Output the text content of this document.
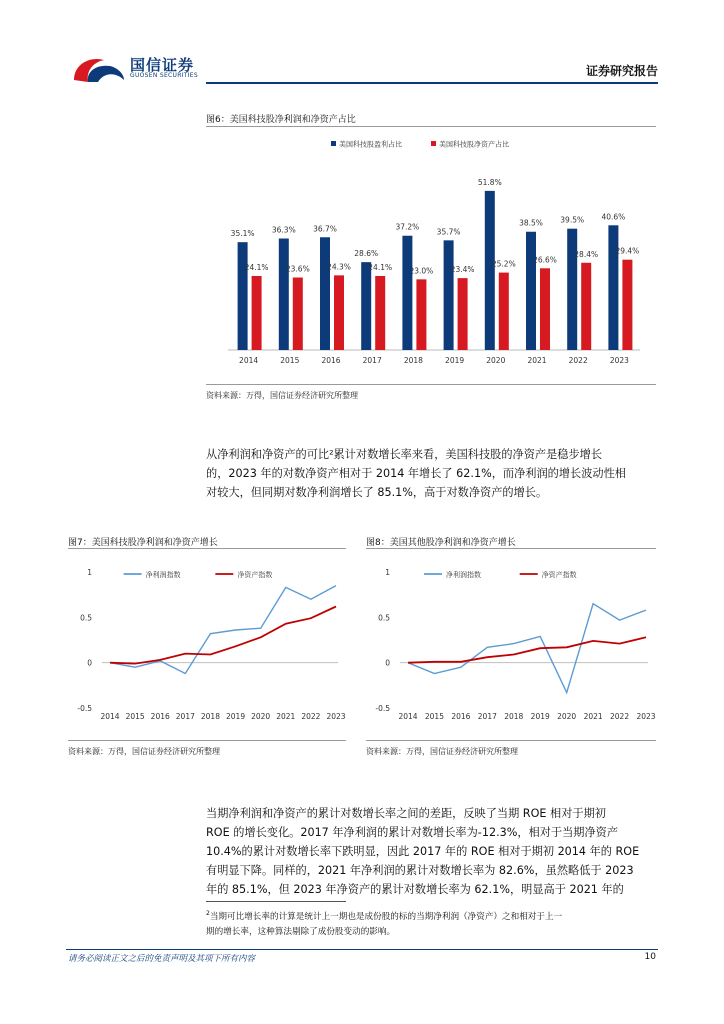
国信证券
GUOSEN SECURITIES	证券研究报告
图6：美国科技股净利润和净资产占比
美国科技股盈利占比	美国科技股净资产占比
35.1%
24.1%
2014
36.3%
23.6%
2015
36.7%
24.3%
2016
28.6%
24.1%
2017
37.2%
23.0%
2018
35.7%
23.4%
2019
51.8%
25.2%
2020
38.5%
26.6%
2021
39.5%
28.4%
2022
40.6%
29.4%
2023
资料来源：万得，国信证券经济研究所整理

从净利润和净资产的可比²累计对数增长率来看，美国科技股的净资产是稳步增长

的，2023 年的对数净资产相对于 2014 年增长了 62.1%，而净利润的增长波动性相

对较大，但同期对数净利润增长了 85.1%，高于对数净资产的增长。

图7：美国科技股净利润和净资产增长
1
0.5
0
-0.5
2014 2015 2016 2017 2018 2019 2020 2021 2022 2023
净利润指数	净资产指数
资料来源：万得，国信证券经济研究所整理
图8：美国其他股净利润和净资产增长
1
0.5
0
-0.5
2014 2015 2016 2017 2018 2019 2020 2021 2022 2023
净利润指数	净资产指数
资料来源：万得，国信证券经济研究所整理

当期净利润和净资产的累计对数增长率之间的差距，反映了当期 ROE 相对于期初

ROE 的增长变化。2017 年净利润的累计对数增长率为-12.3%，相对于当期净资产

10.4%的累计对数增长率下跌明显，因此 2017 年的 ROE 相对于期初 2014 年的 ROE

有明显下降。同样的，2021 年净利润的累计对数增长率为 82.6%，虽然略低于 2023

年的 85.1%，但 2023 年净资产的累计对数增长率为 62.1%，明显高于 2021 年的

$^2$当期可比增长率的计算是统计上一期也是成份股的标的当期净利润（净资产）之和相对于上一
期的增长率，这种算法剔除了成份股变动的影响。
请务必阅读正文之后的免责声明及其项下所有内容	10
